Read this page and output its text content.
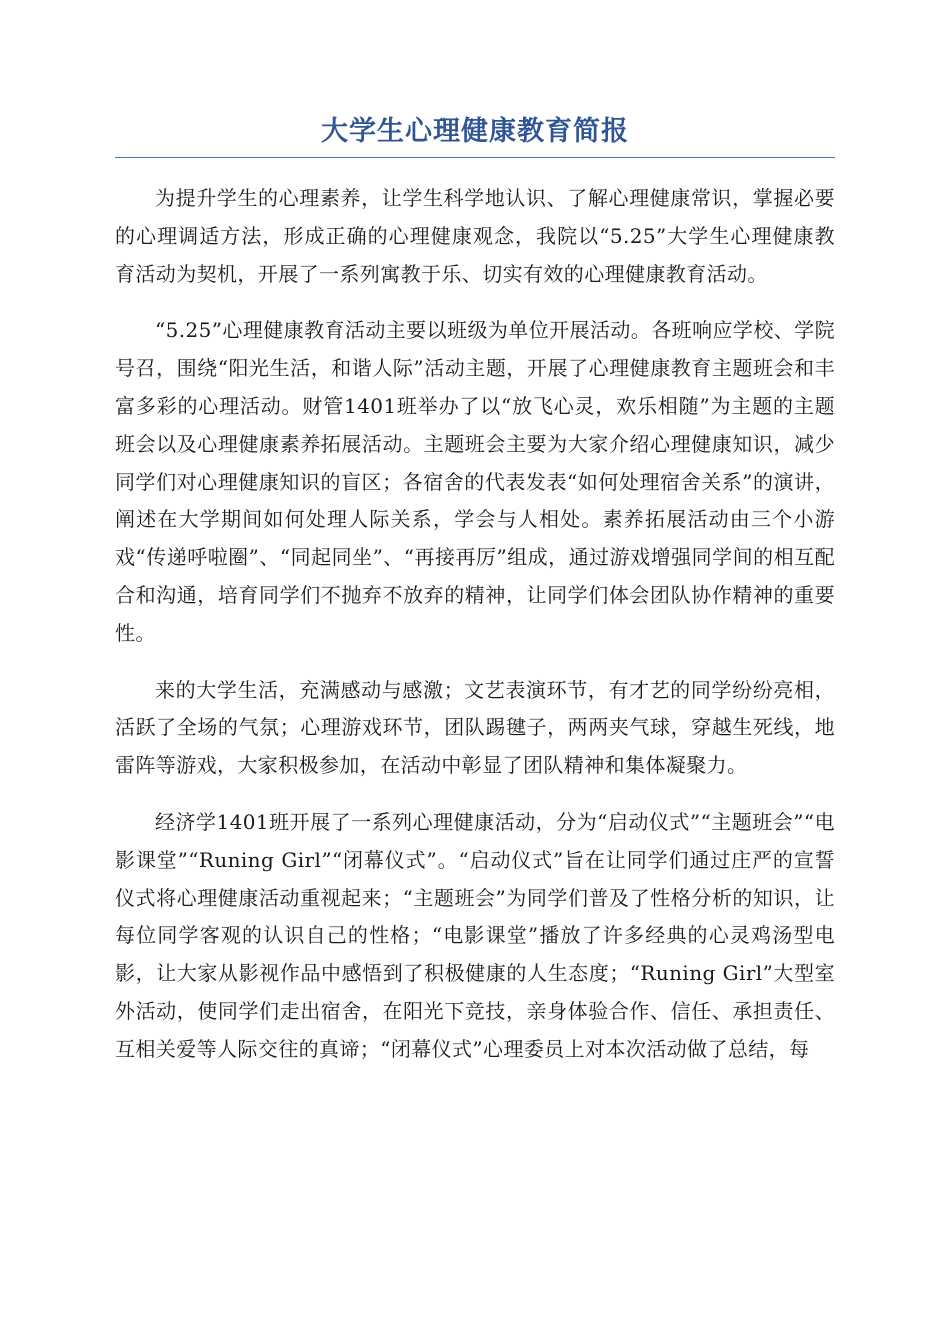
大学生心理健康教育简报

为提升学生的心理素养，让学生科学地认识、了解心理健康常识，掌握必要的心理调适方法，形成正确的心理健康观念，我院以“5.25”大学生心理健康教育活动为契机，开展了一系列寓教于乐、切实有效的心理健康教育活动。

“5.25”心理健康教育活动主要以班级为单位开展活动。各班响应学校、学院号召，围绕“阳光生活，和谐人际”活动主题，开展了心理健康教育主题班会和丰富多彩的心理活动。财管1401班举办了以“放飞心灵，欢乐相随”为主题的主题班会以及心理健康素养拓展活动。主题班会主要为大家介绍心理健康知识，减少同学们对心理健康知识的盲区；各宿舍的代表发表“如何处理宿舍关系”的演讲，阐述在大学期间如何处理人际关系，学会与人相处。素养拓展活动由三个小游戏“传递呼啦圈”、“同起同坐”、“再接再厉”组成，通过游戏增强同学间的相互配合和沟通，培育同学们不抛弃不放弃的精神，让同学们体会团队协作精神的重要性。

来的大学生活，充满感动与感激；文艺表演环节，有才艺的同学纷纷亮相，活跃了全场的气氛；心理游戏环节，团队踢毽子，两两夹气球，穿越生死线，地雷阵等游戏，大家积极参加，在活动中彰显了团队精神和集体凝聚力。

经济学1401班开展了一系列心理健康活动，分为“启动仪式”“主题班会”“电影课堂”“Runing Girl”“闭幕仪式”。“启动仪式”旨在让同学们通过庄严的宣誓仪式将心理健康活动重视起来；“主题班会”为同学们普及了性格分析的知识，让每位同学客观的认识自己的性格；“电影课堂”播放了许多经典的心灵鸡汤型电影，让大家从影视作品中感悟到了积极健康的人生态度；“Runing Girl”大型室外活动，使同学们走出宿舍，在阳光下竞技，亲身体验合作、信任、承担责任、互相关爱等人际交往的真谛；“闭幕仪式”心理委员上对本次活动做了总结，每
